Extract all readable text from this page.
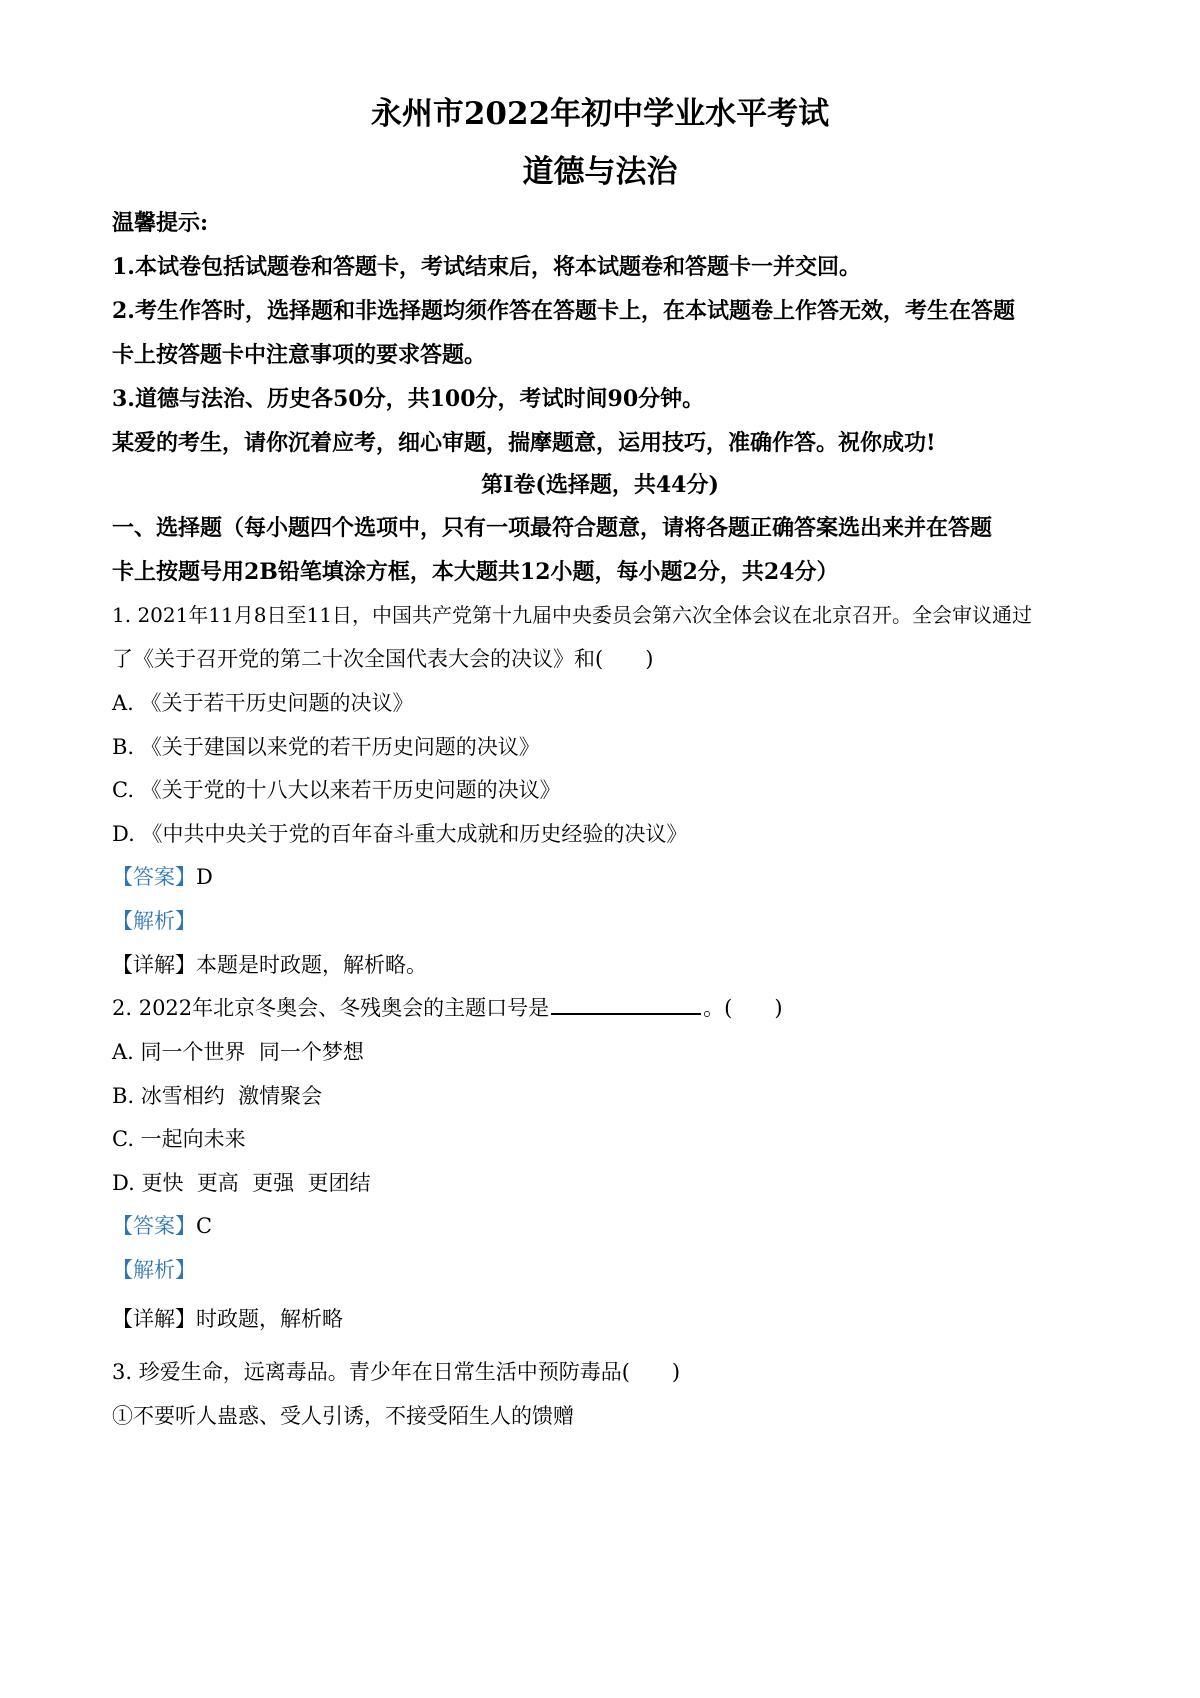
永州市2022年初中学业水平考试
道德与法治
温馨提示:
1.本试卷包括试题卷和答题卡，考试结束后，将本试题卷和答题卡一并交回。
2.考生作答时，选择题和非选择题均须作答在答题卡上，在本试题卷上作答无效，考生在答题
卡上按答题卡中注意事项的要求答题。
3.道德与法治、历史各50分，共100分，考试时间90分钟。
某爱的考生，请你沉着应考，细心审题，揣摩题意，运用技巧，准确作答。祝你成功!
第Ⅰ卷(选择题，共44分)
一、选择题（每小题四个选项中，只有一项最符合题意，请将各题正确答案选出来并在答题
卡上按题号用2B铅笔填涂方框，本大题共12小题，每小题2分，共24分）
1. 2021年11月8日至11日，中国共产党第十九届中央委员会第六次全体会议在北京召开。全会审议通过
了《关于召开党的第二十次全国代表大会的决议》和(　　)
A. 《关于若干历史问题的决议》
B. 《关于建国以来党的若干历史问题的决议》
C. 《关于党的十八大以来若干历史问题的决议》
D. 《中共中央关于党的百年奋斗重大成就和历史经验的决议》
【答案】D
【解析】
【详解】本题是时政题，解析略。
2. 2022年北京冬奥会、冬残奥会的主题口号是	。(　　)
A. 同一个世界  同一个梦想
B. 冰雪相约  激情聚会
C. 一起向未来
D. 更快  更高  更强  更团结
【答案】C
【解析】
【详解】时政题，解析略
3. 珍爱生命，远离毒品。青少年在日常生活中预防毒品(　　)
①不要听人蛊惑、受人引诱，不接受陌生人的馈赠
